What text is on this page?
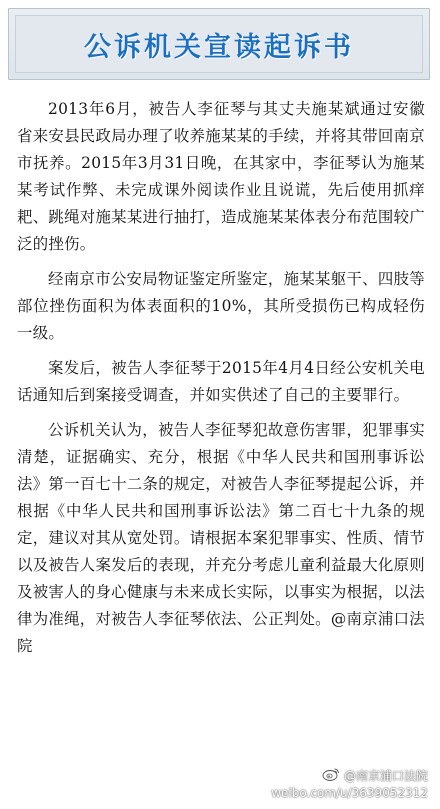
公诉机关宣读起诉书

2013年6月，被告人李征琴与其丈夫施某斌通过安徽省来安县民政局办理了收养施某某的手续，并将其带回南京市抚养。2015年3月31日晚，在其家中，李征琴认为施某某考试作弊、未完成课外阅读作业且说谎，先后使用抓痒耙、跳绳对施某某进行抽打，造成施某某体表分布范围较广泛的挫伤。

经南京市公安局物证鉴定所鉴定，施某某躯干、四肢等部位挫伤面积为体表面积的10%，其所受损伤已构成轻伤一级。

案发后，被告人李征琴于2015年4月4日经公安机关电话通知后到案接受调查，并如实供述了自己的主要罪行。

公诉机关认为，被告人李征琴犯故意伤害罪，犯罪事实清楚，证据确实、充分，根据《中华人民共和国刑事诉讼法》第一百七十二条的规定，对被告人李征琴提起公诉，并根据《中华人民共和国刑事诉讼法》第二百七十九条的规定，建议对其从宽处罚。请根据本案犯罪事实、性质、情节以及被告人案发后的表现，并充分考虑儿童利益最大化原则及被害人的身心健康与未来成长实际，以事实为根据，以法律为准绳，对被告人李征琴依法、公正判处。@南京浦口法院

@南京浦口法院
weibo.com/u/3639052312
